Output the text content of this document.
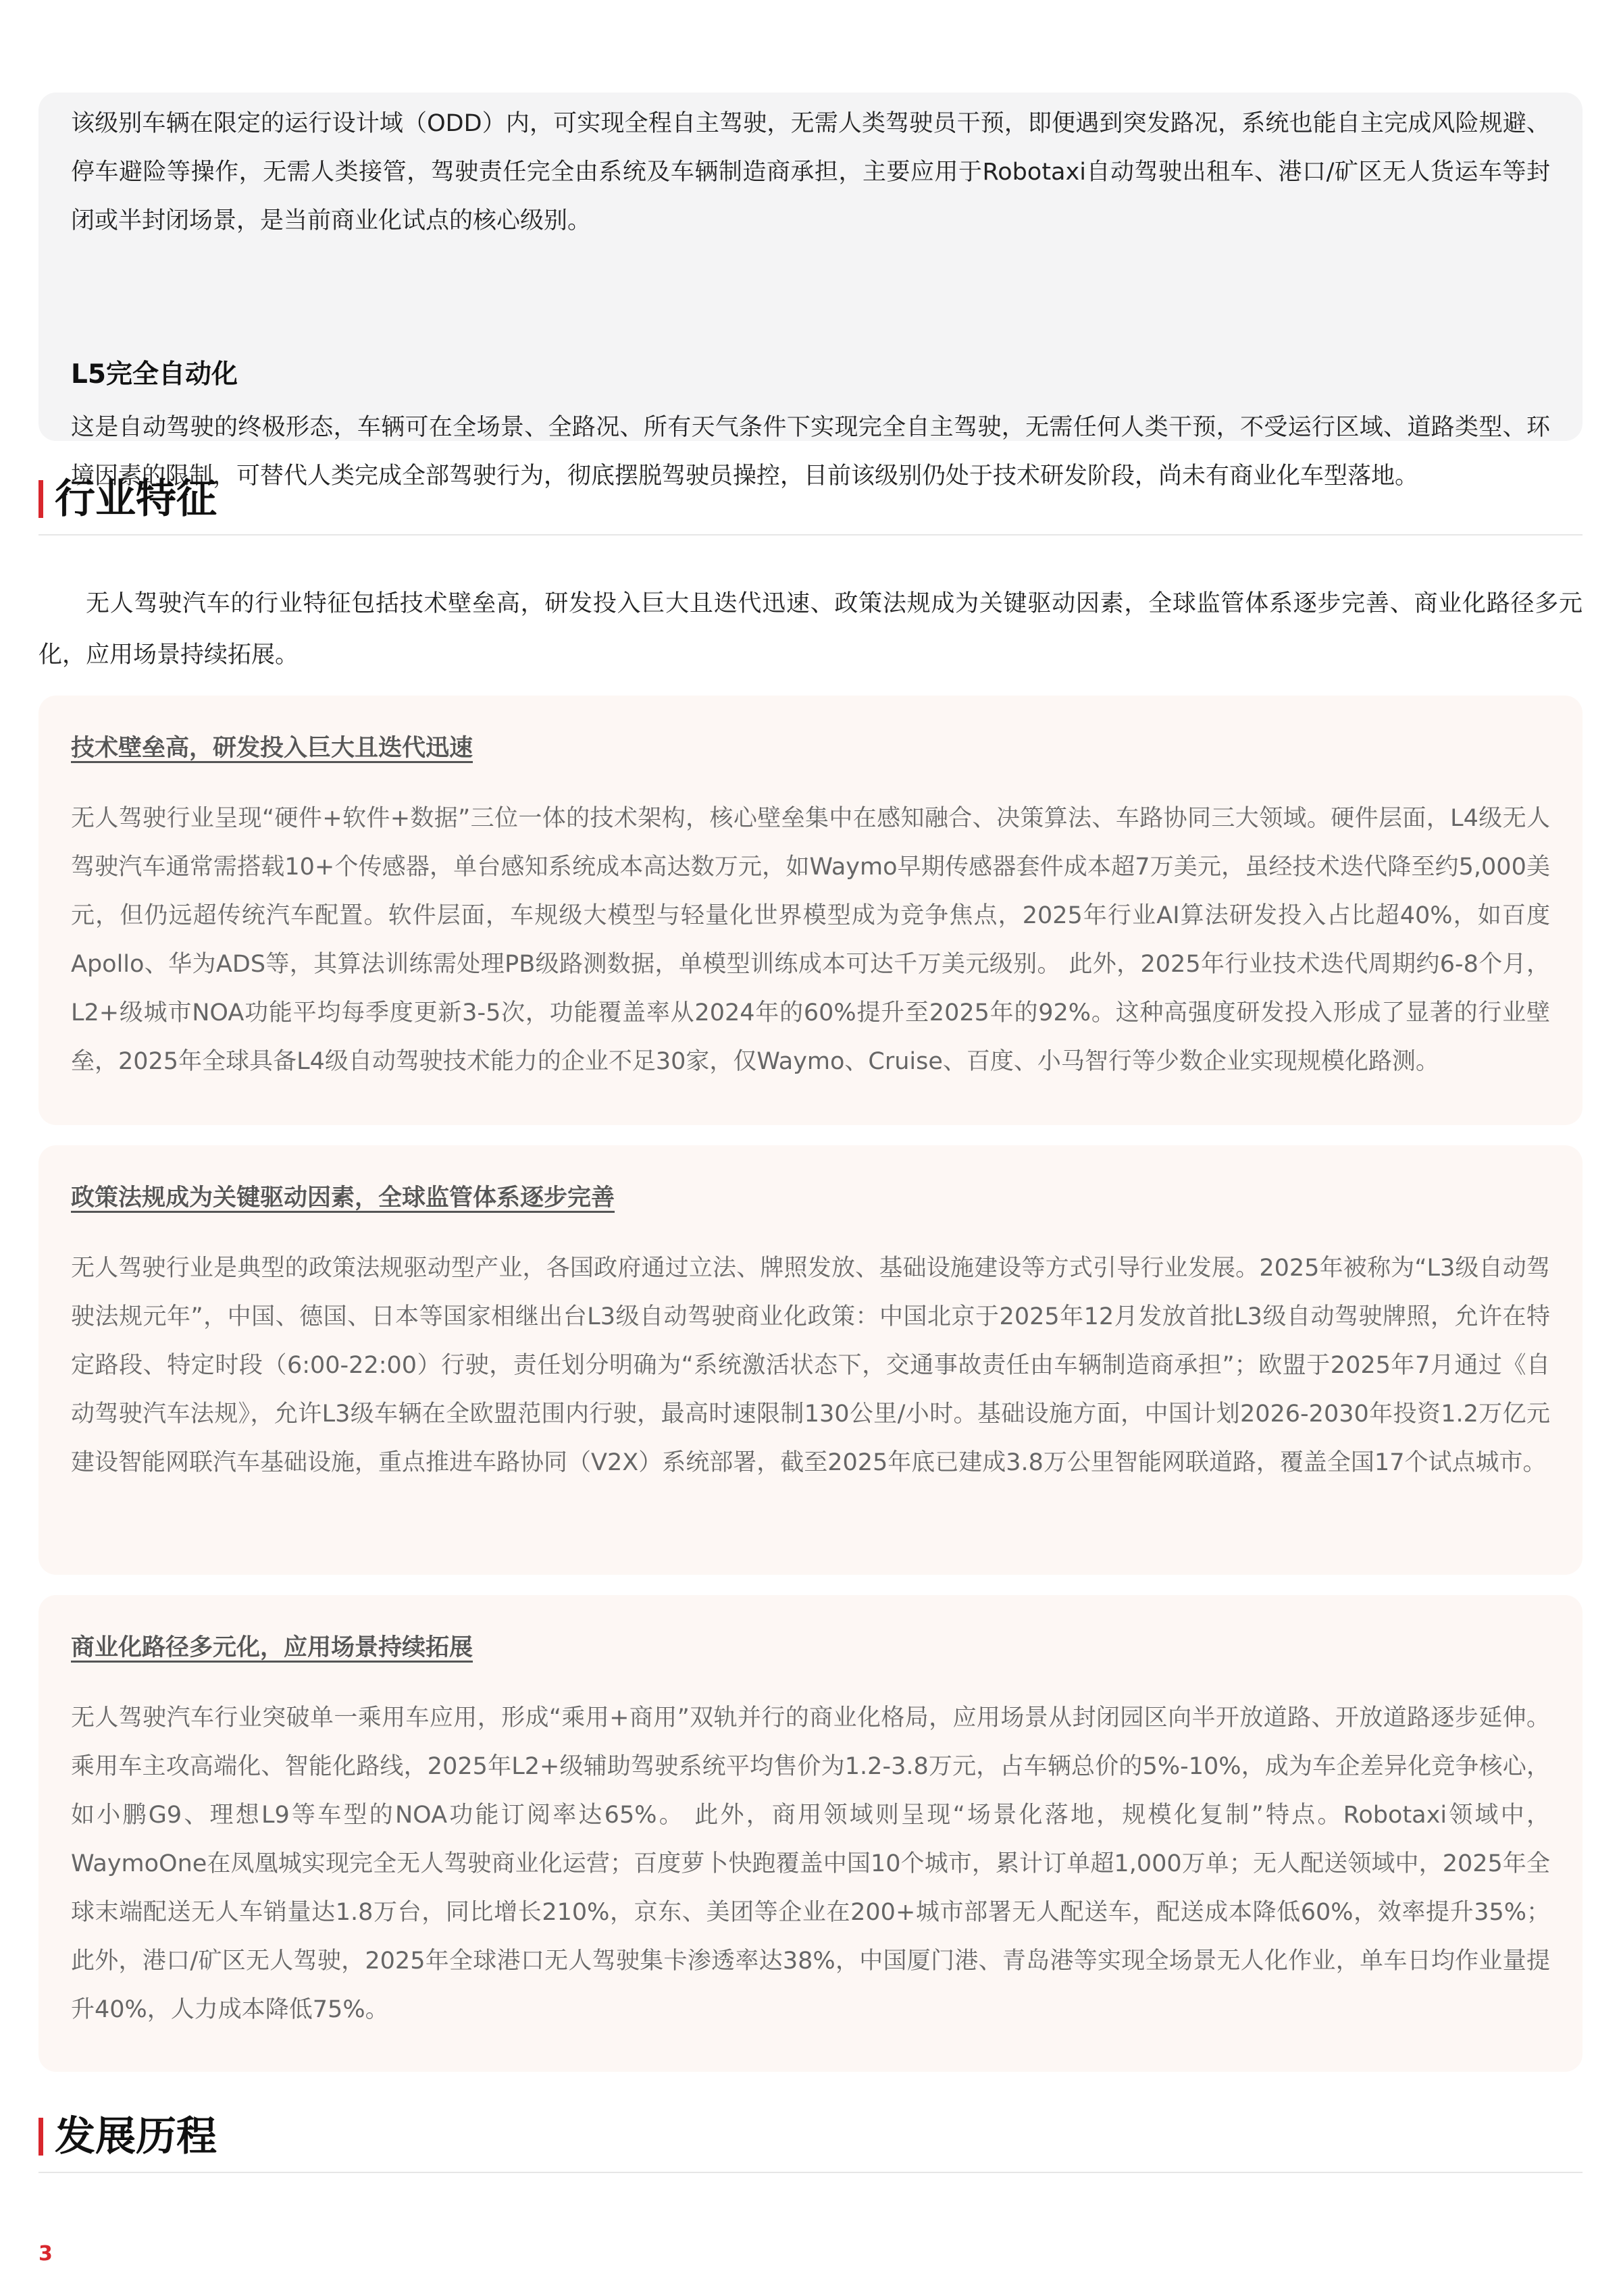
该级别车辆在限定的运行设计域（ODD）内，可实现全程自主驾驶，无需人类驾驶员干预，即便遇到突发路况，系统也能自主完成风险规避、停车避险等操作，无需人类接管，驾驶责任完全由系统及车辆制造商承担，主要应用于Robotaxi自动驾驶出租车、港口/矿区无人货运车等封闭或半封闭场景，是当前商业化试点的核心级别。

L5完全自动化

这是自动驾驶的终极形态，车辆可在全场景、全路况、所有天气条件下实现完全自主驾驶，无需任何人类干预，不受运行区域、道路类型、环境因素的限制，可替代人类完成全部驾驶行为，彻底摆脱驾驶员操控，目前该级别仍处于技术研发阶段，尚未有商业化车型落地。

行业特征

无人驾驶汽车的行业特征包括技术壁垒高，研发投入巨大且迭代迅速、政策法规成为关键驱动因素，全球监管体系逐步完善、商业化路径多元化，应用场景持续拓展。

技术壁垒高，研发投入巨大且迭代迅速

无人驾驶行业呈现“硬件+软件+数据”三位一体的技术架构，核心壁垒集中在感知融合、决策算法、车路协同三大领域。硬件层面，L4级无人驾驶汽车通常需搭载10+个传感器，单台感知系统成本高达数万元，如Waymo早期传感器套件成本超7万美元，虽经技术迭代降至约5,000美元，但仍远超传统汽车配置。软件层面，车规级大模型与轻量化世界模型成为竞争焦点，2025年行业AI算法研发投入占比超40%，如百度Apollo、华为ADS等，其算法训练需处理PB级路测数据，单模型训练成本可达千万美元级别。 此外，2025年行业技术迭代周期约6-8个月，L2+级城市NOA功能平均每季度更新3-5次，功能覆盖率从2024年的60%提升至2025年的92%。这种高强度研发投入形成了显著的行业壁垒，2025年全球具备L4级自动驾驶技术能力的企业不足30家，仅Waymo、Cruise、百度、小马智行等少数企业实现规模化路测。

政策法规成为关键驱动因素，全球监管体系逐步完善

无人驾驶行业是典型的政策法规驱动型产业，各国政府通过立法、牌照发放、基础设施建设等方式引导行业发展。2025年被称为“L3级自动驾驶法规元年”，中国、德国、日本等国家相继出台L3级自动驾驶商业化政策：中国北京于2025年12月发放首批L3级自动驾驶牌照，允许在特定路段、特定时段（6:00-22:00）行驶，责任划分明确为“系统激活状态下，交通事故责任由车辆制造商承担”；欧盟于2025年7月通过《自动驾驶汽车法规》，允许L3级车辆在全欧盟范围内行驶，最高时速限制130公里/小时。基础设施方面，中国计划2026-2030年投资1.2万亿元建设智能网联汽车基础设施，重点推进车路协同（V2X）系统部署，截至2025年底已建成3.8万公里智能网联道路，覆盖全国17个试点城市。

商业化路径多元化，应用场景持续拓展

无人驾驶汽车行业突破单一乘用车应用，形成“乘用+商用”双轨并行的商业化格局，应用场景从封闭园区向半开放道路、开放道路逐步延伸。乘用车主攻高端化、智能化路线，2025年L2+级辅助驾驶系统平均售价为1.2-3.8万元，占车辆总价的5%-10%，成为车企差异化竞争核心，如小鹏G9、理想L9等车型的NOA功能订阅率达65%。 此外，商用领域则呈现“场景化落地，规模化复制”特点。Robotaxi领域中，WaymoOne在凤凰城实现完全无人驾驶商业化运营；百度萝卜快跑覆盖中国10个城市，累计订单超1,000万单；无人配送领域中，2025年全球末端配送无人车销量达1.8万台，同比增长210%，京东、美团等企业在200+城市部署无人配送车，配送成本降低60%，效率提升35%；此外，港口/矿区无人驾驶，2025年全球港口无人驾驶集卡渗透率达38%，中国厦门港、青岛港等实现全场景无人化作业，单车日均作业量提升40%，人力成本降低75%。

发展历程
3
